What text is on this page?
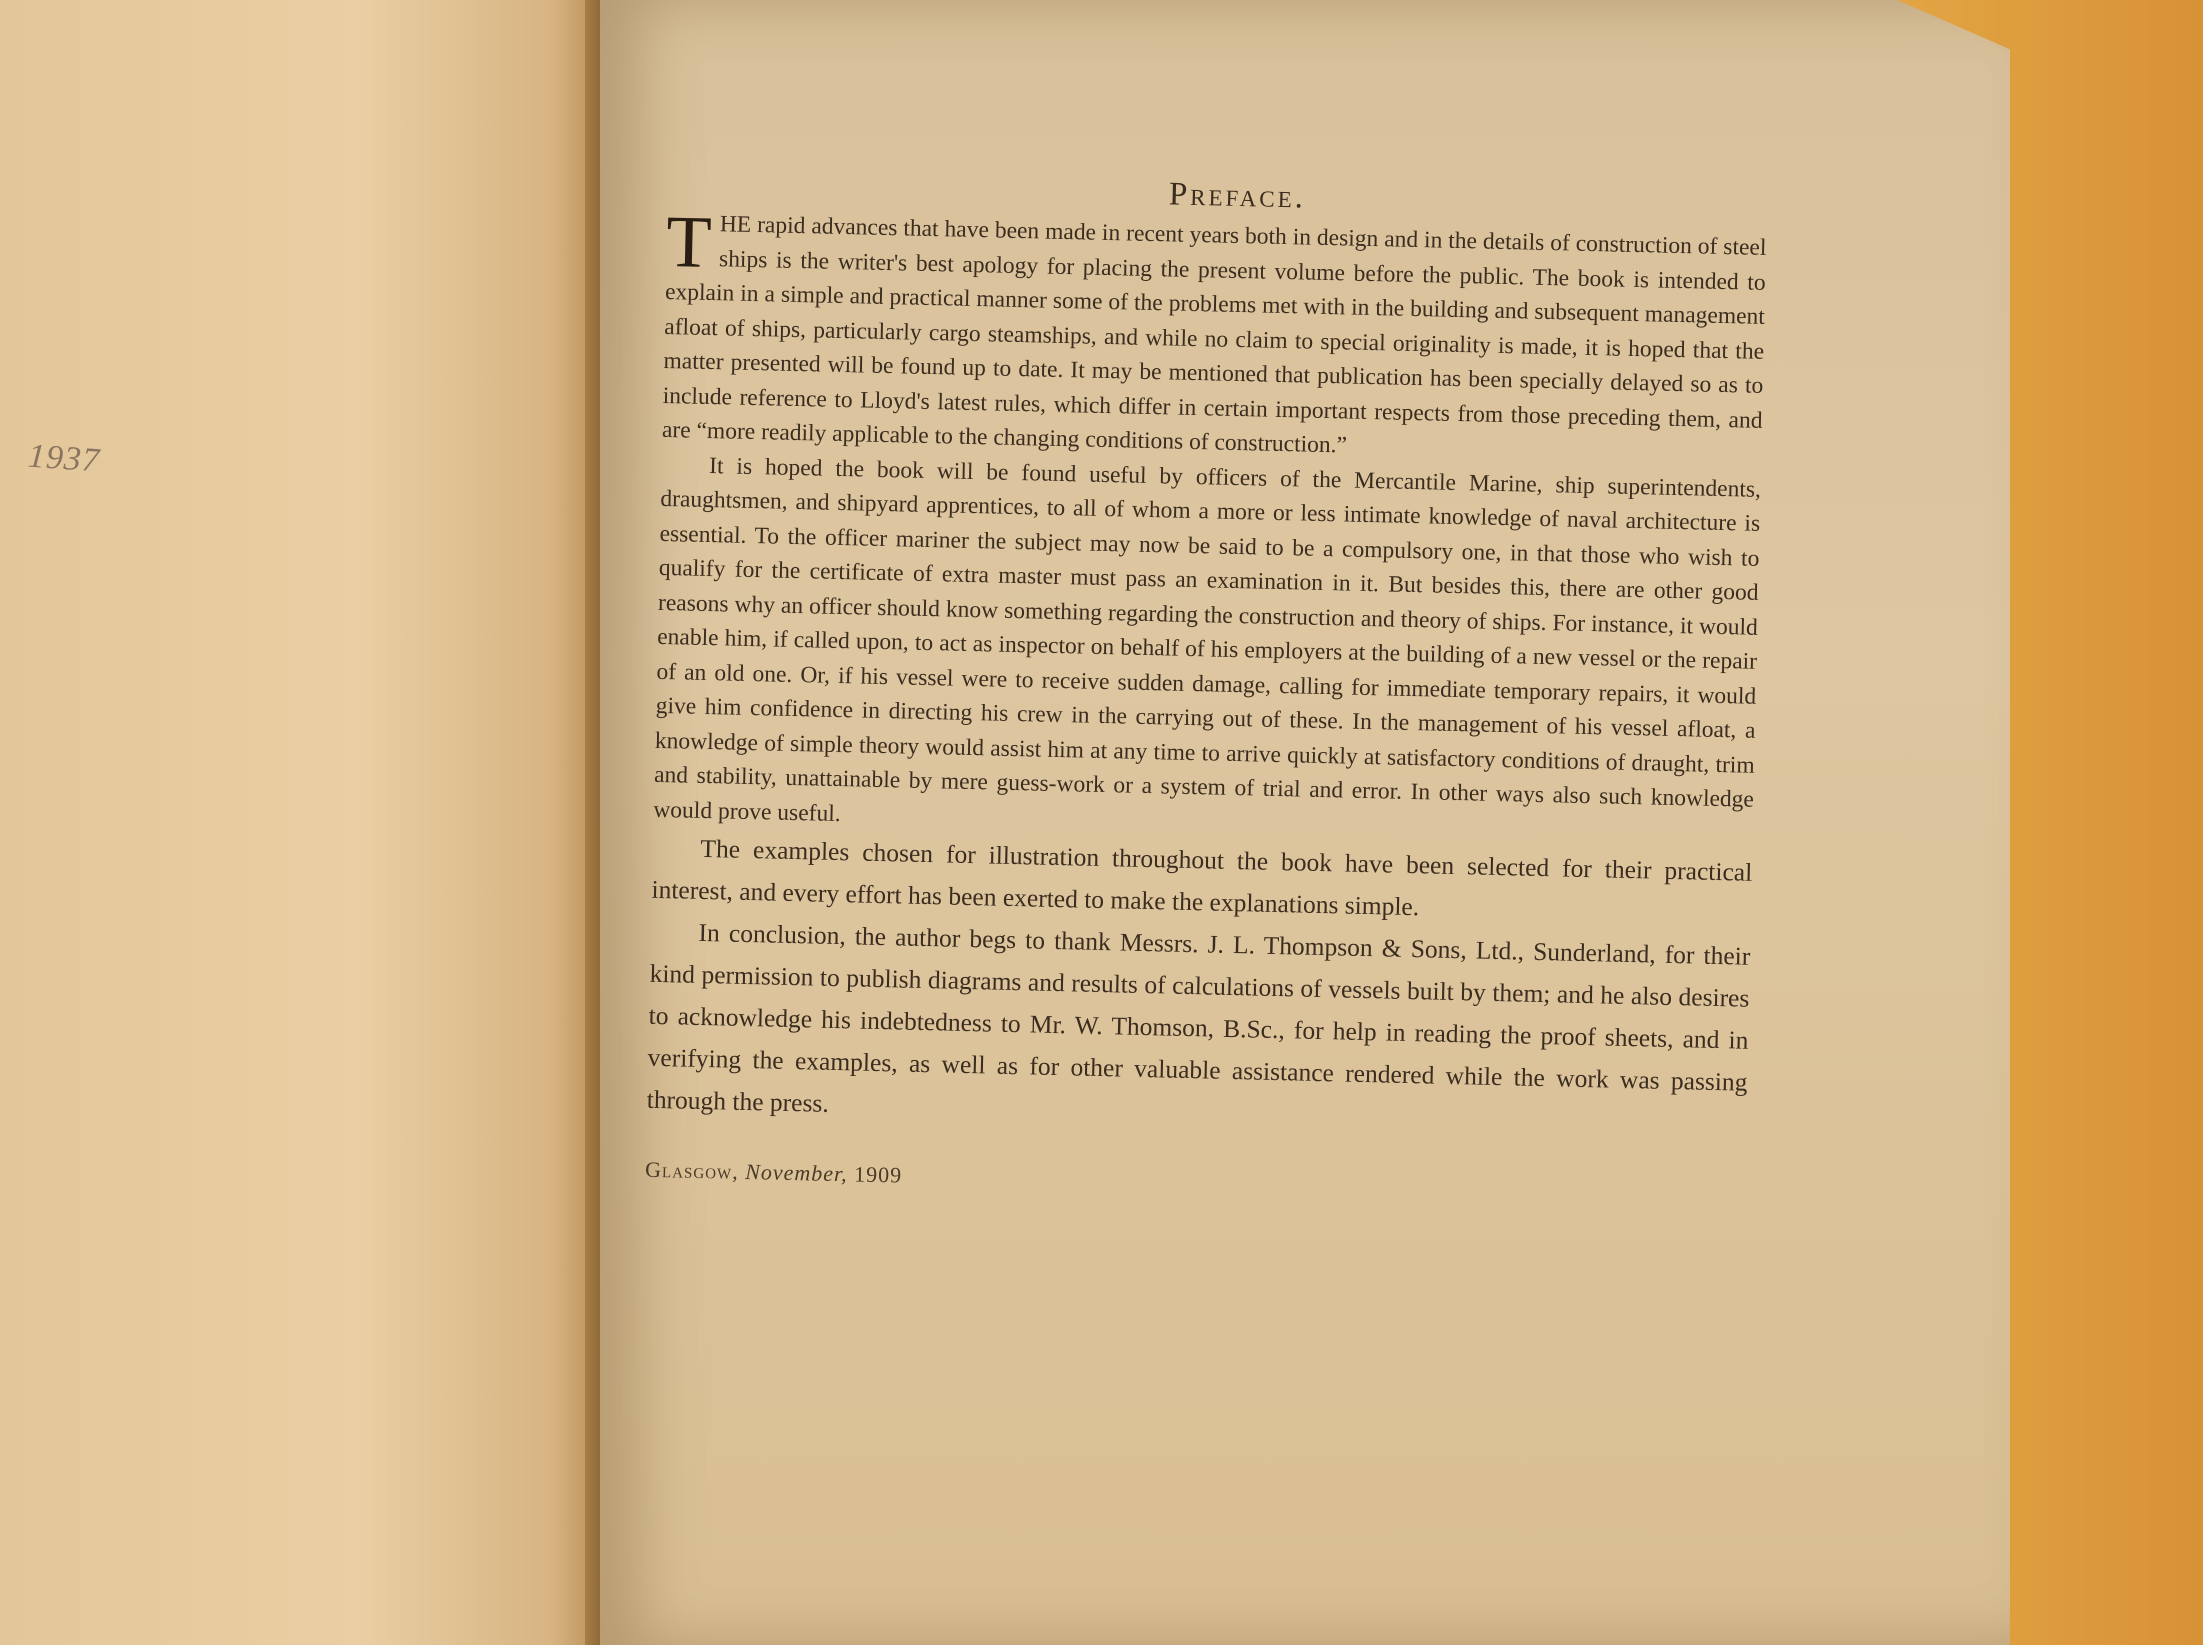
1937
Preface.

THE rapid advances that have been made in recent years both in design and in the details of construction of steel ships is the writer's best apology for placing the present volume before the public. The book is intended to explain in a simple and practical manner some of the problems met with in the building and subsequent management afloat of ships, particularly cargo steamships, and while no claim to special originality is made, it is hoped that the matter presented will be found up to date. It may be mentioned that publication has been specially delayed so as to include reference to Lloyd's latest rules, which differ in certain important respects from those preceding them, and are “more readily applicable to the changing conditions of construction.”

It is hoped the book will be found useful by officers of the Mercantile Marine, ship superintendents, draughtsmen, and shipyard apprentices, to all of whom a more or less intimate knowledge of naval architecture is essential. To the officer mariner the subject may now be said to be a compulsory one, in that those who wish to qualify for the certificate of extra master must pass an examination in it. But besides this, there are other good reasons why an officer should know something regarding the construction and theory of ships. For instance, it would enable him, if called upon, to act as inspector on behalf of his employers at the building of a new vessel or the repair of an old one. Or, if his vessel were to receive sudden damage, calling for immediate temporary repairs, it would give him confidence in directing his crew in the carrying out of these. In the management of his vessel afloat, a knowledge of simple theory would assist him at any time to arrive quickly at satisfactory conditions of draught, trim and stability, unattainable by mere guess-work or a system of trial and error. In other ways also such knowledge would prove useful.

The examples chosen for illustration throughout the book have been selected for their practical interest, and every effort has been exerted to make the explanations simple.

In conclusion, the author begs to thank Messrs. J. L. Thompson & Sons, Ltd., Sunderland, for their kind permission to publish diagrams and results of calculations of vessels built by them; and he also desires to acknowledge his indebtedness to Mr. W. Thomson, B.Sc., for help in reading the proof sheets, and in verifying the examples, as well as for other valuable assistance rendered while the work was passing through the press.

Glasgow, November, 1909
